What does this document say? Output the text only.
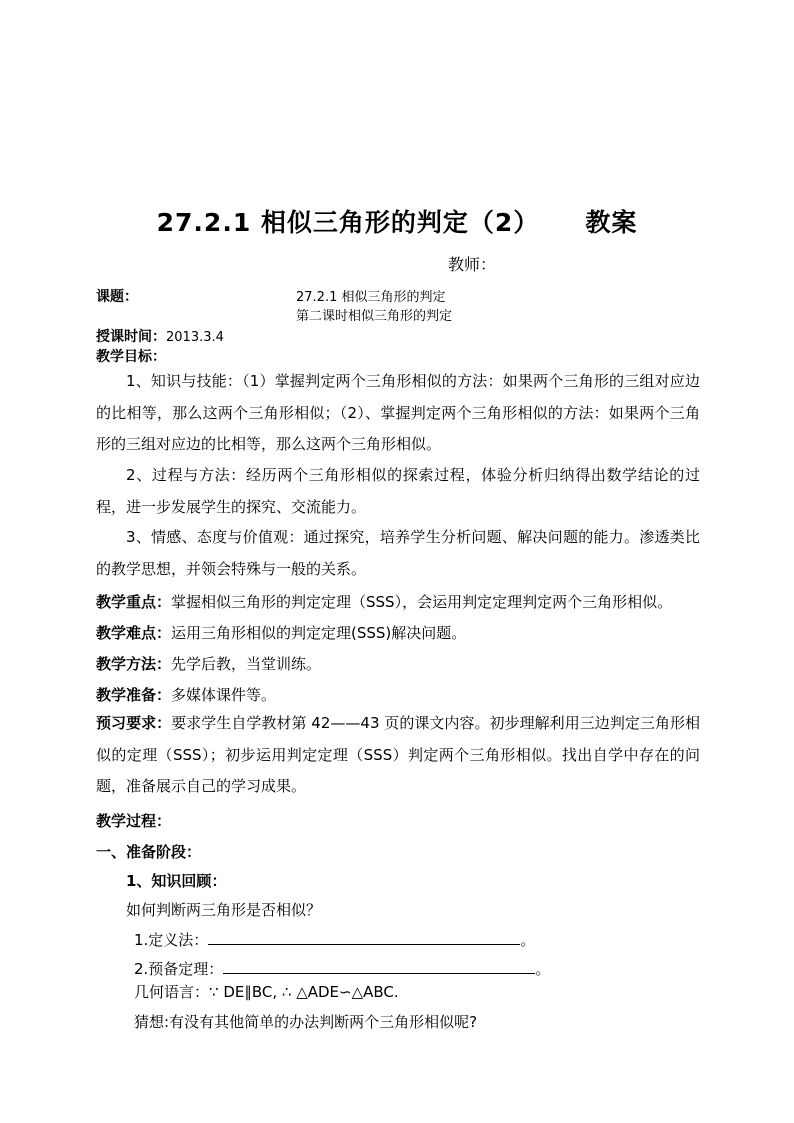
27.2.1 相似三角形的判定（2） 教案
教师：
课题：	27.2.1 相似三角形的判定
第二课时相似三角形的判定
授课时间：2013.3.4
教学目标：

1、知识与技能：（1）掌握判定两个三角形相似的方法：如果两个三角形的三组对应边的比相等，那么这两个三角形相似；（2）、掌握判定两个三角形相似的方法：如果两个三角形的三组对应边的比相等，那么这两个三角形相似。

2、过程与方法：经历两个三角形相似的探索过程，体验分析归纳得出数学结论的过程，进一步发展学生的探究、交流能力。

3、情感、态度与价值观：通过探究，培养学生分析问题、解决问题的能力。渗透类比的教学思想，并领会特殊与一般的关系。

教学重点：掌握相似三角形的判定定理（SSS），会运用判定定理判定两个三角形相似。
教学难点：运用三角形相似的判定定理(SSS)解决问题。
教学方法：先学后教，当堂训练。
教学准备：多媒体课件等。

预习要求：要求学生自学教材第 42——43 页的课文内容。初步理解利用三边判定三角形相似的定理（SSS）；初步运用判定定理（SSS）判定两个三角形相似。找出自学中存在的问题，准备展示自己的学习成果。

教学过程：
一、准备阶段：
1、知识回顾：
如何判断两三角形是否相似？
1.定义法：	。
2.预备定理：	。
几何语言：∵ DE∥BC, ∴ △ADE∽△ABC.
猜想:有没有其他简单的办法判断两个三角形相似呢?
